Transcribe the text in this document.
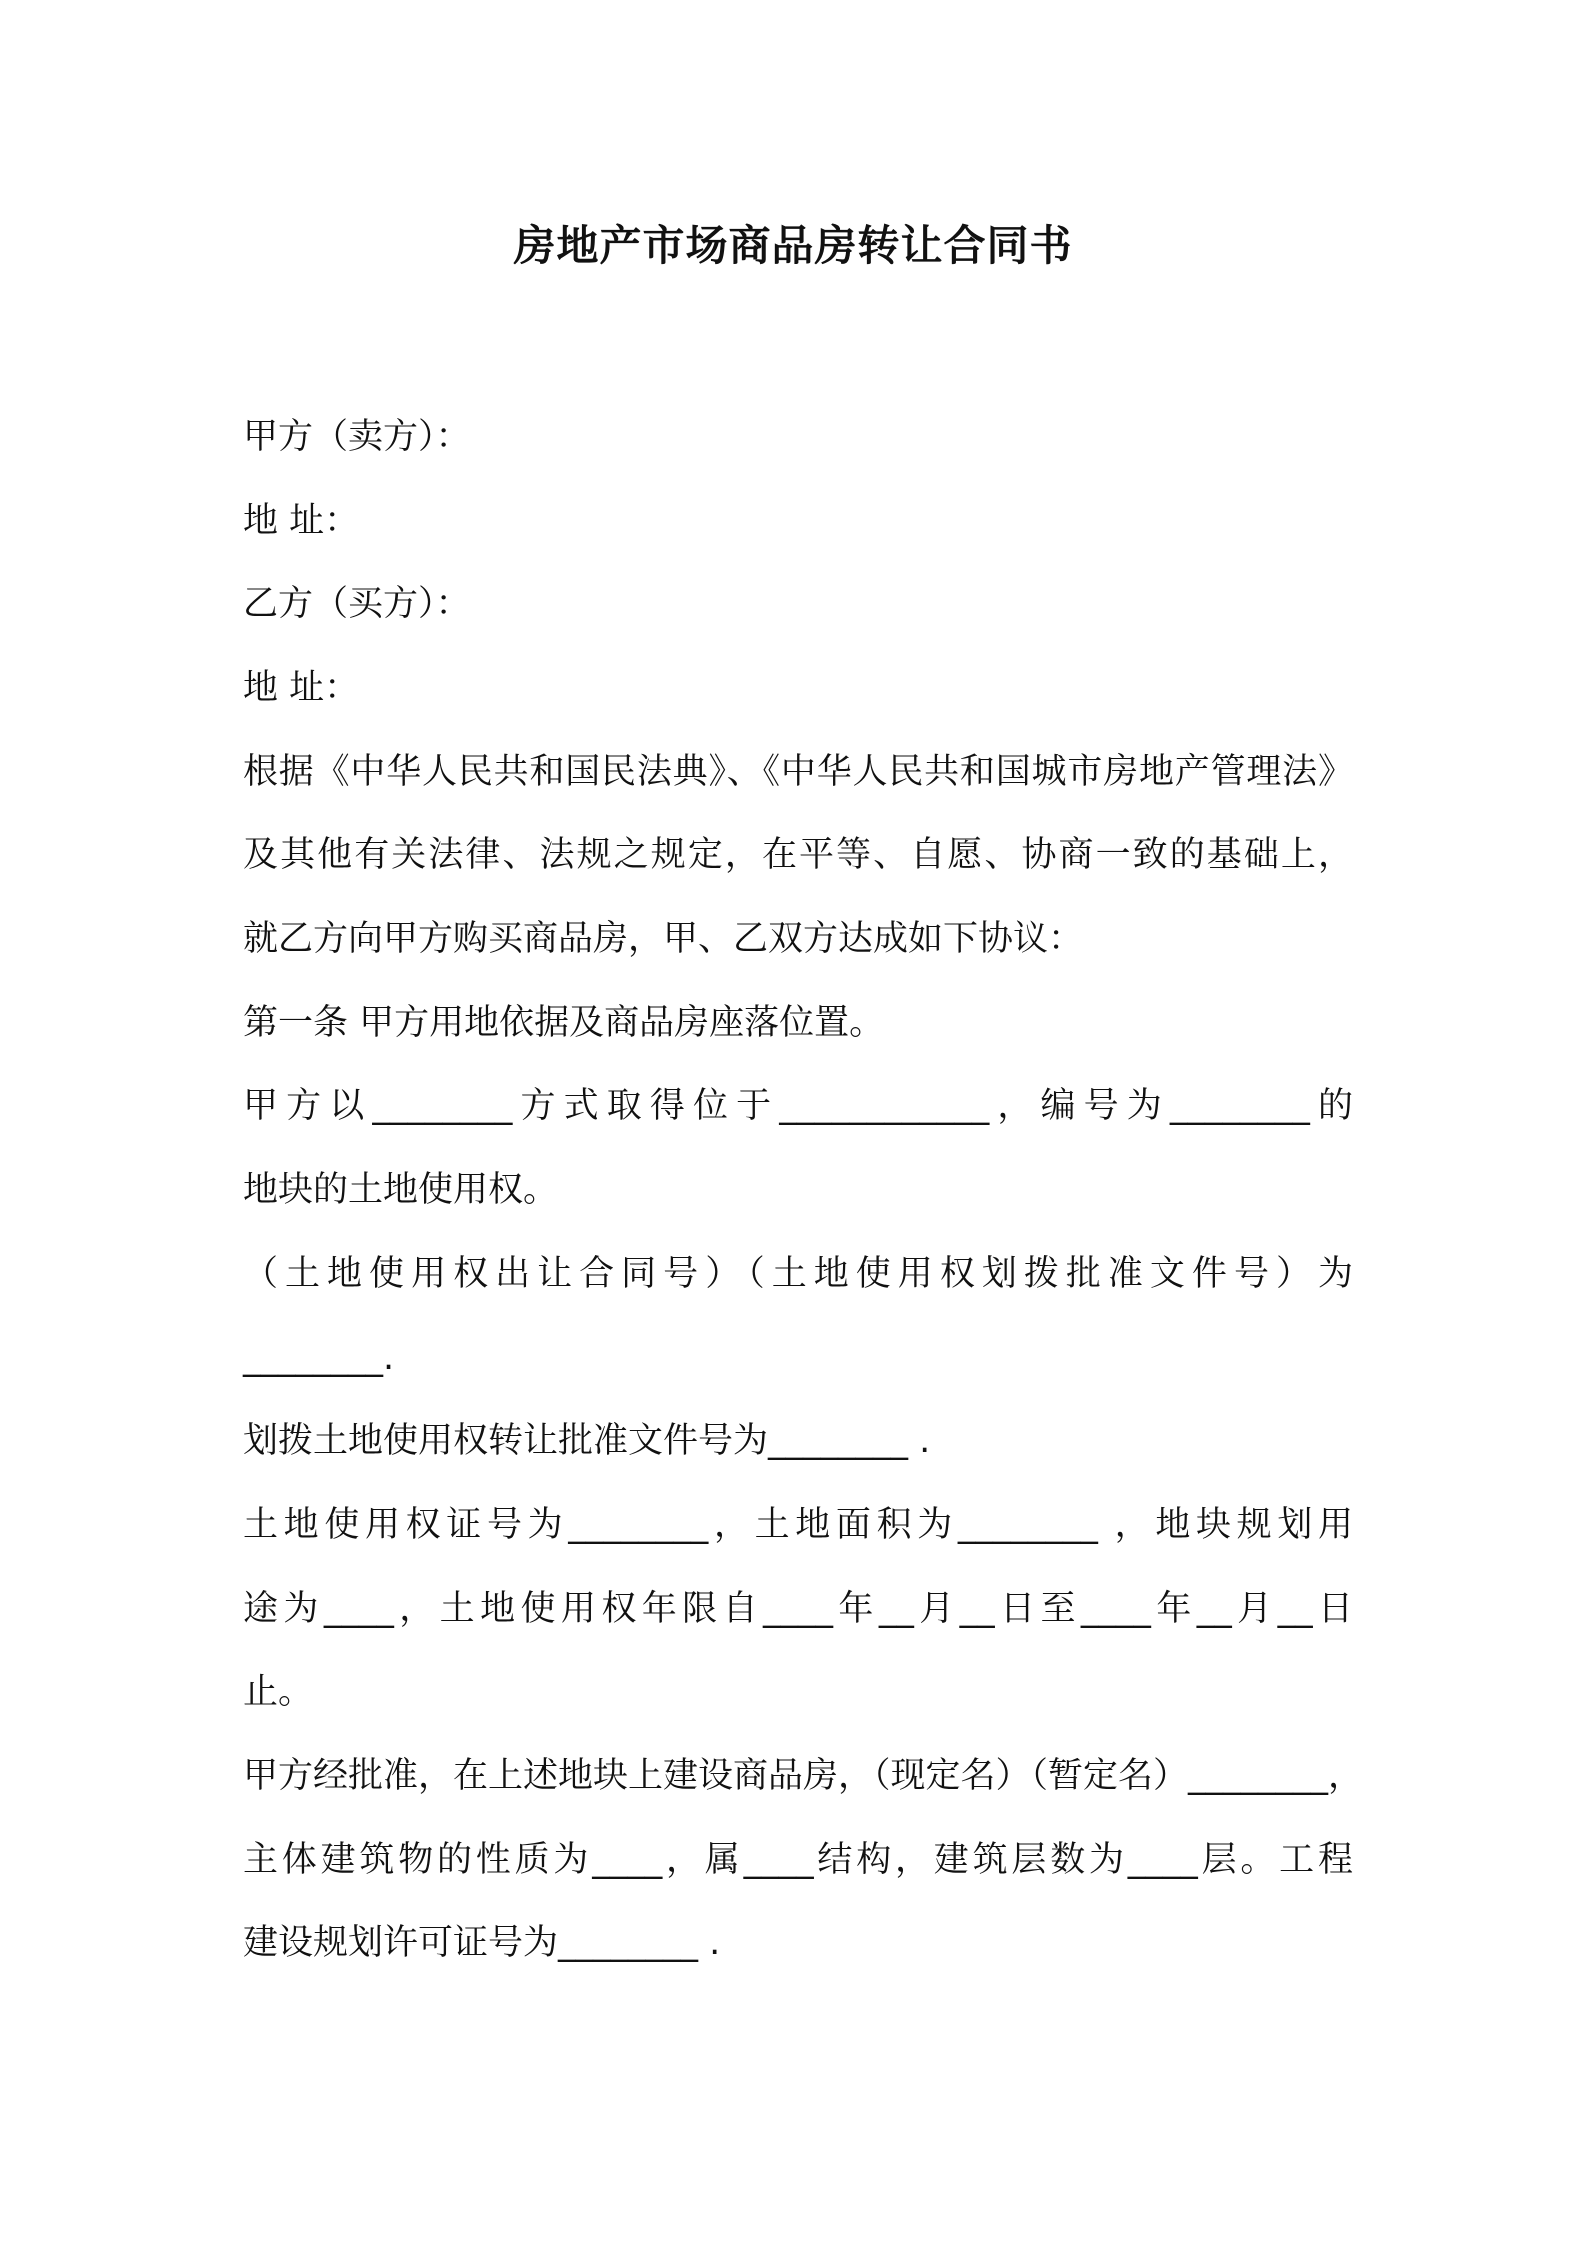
房地产市场商品房转让合同书
甲方（卖方）：
地 址：
乙方（买方）：
地 址：
根据《中华人民共和国民法典》、《中华人民共和国城市房地产管理法》
及其他有关法律、法规之规定，在平等、自愿、协商一致的基础上，
就乙方向甲方购买商品房，甲、乙双方达成如下协议：
第一条 甲方用地依据及商品房座落位置。
甲方以________方式取得位于____________，编号为________的
地块的土地使用权。
（土地使用权出让合同号）（土地使用权划拨批准文件号）为
________.
划拨土地使用权转让批准文件号为________ .
土地使用权证号为________，土地面积为________ ，地块规划用
途为____，土地使用权年限自____年__月__日至____年__月__日
止。
甲方经批准，在上述地块上建设商品房，（现定名）（暂定名）________，
主体建筑物的性质为____，属____结构，建筑层数为____层。工程
建设规划许可证号为________ .
